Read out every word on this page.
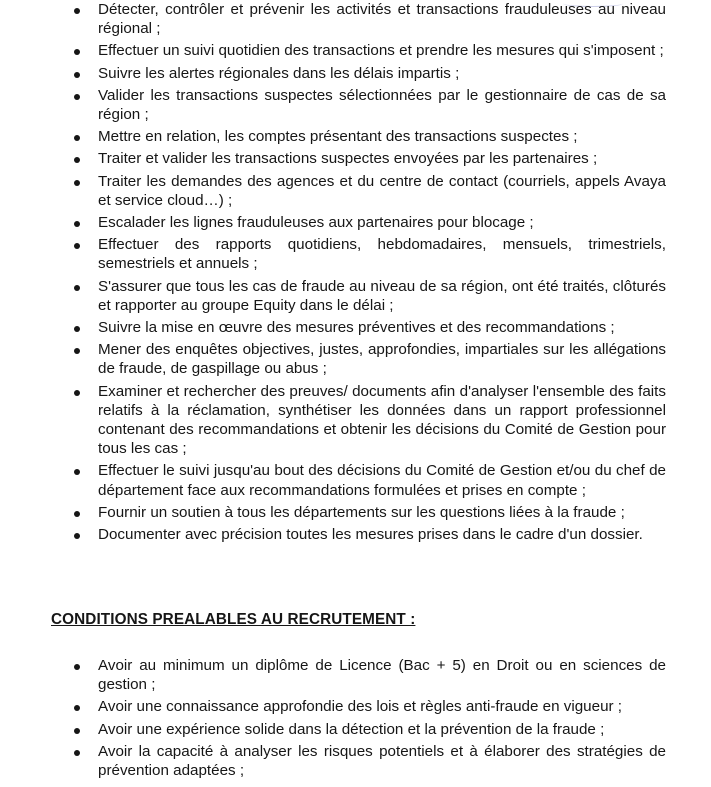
Détecter, contrôler et prévenir les activités et transactions frauduleuses au niveau régional ;
Effectuer un suivi quotidien des transactions et prendre les mesures qui s'imposent ;
Suivre les alertes régionales dans les délais impartis ;
Valider les transactions suspectes sélectionnées par le gestionnaire de cas de sa région ;
Mettre en relation, les comptes présentant des transactions suspectes ;
Traiter et valider les transactions suspectes envoyées par les partenaires ;
Traiter les demandes des agences et du centre de contact (courriels, appels Avaya et service cloud…) ;
Escalader les lignes frauduleuses aux partenaires pour blocage ;
Effectuer des rapports quotidiens, hebdomadaires, mensuels, trimestriels, semestriels et annuels ;
S'assurer que tous les cas de fraude au niveau de sa région, ont été traités, clôturés et rapporter au groupe Equity dans le délai ;
Suivre la mise en œuvre des mesures préventives et des recommandations ;
Mener des enquêtes objectives, justes, approfondies, impartiales sur les allégations de fraude, de gaspillage ou abus ;
Examiner et rechercher des preuves/ documents afin d'analyser l'ensemble des faits relatifs à la réclamation, synthétiser les données dans un rapport professionnel contenant des recommandations et obtenir les décisions du Comité de Gestion pour tous les cas ;
Effectuer le suivi jusqu'au bout des décisions du Comité de Gestion et/ou du chef de département face aux recommandations formulées et prises en compte ;
Fournir un soutien à tous les départements sur les questions liées à la fraude ;
Documenter avec précision toutes les mesures prises dans le cadre d'un dossier.
CONDITIONS PREALABLES AU RECRUTEMENT :
Avoir au minimum un diplôme de Licence (Bac + 5) en Droit ou en sciences de gestion ;
Avoir une connaissance approfondie des lois et règles anti-fraude en vigueur ;
Avoir une expérience solide dans la détection et la prévention de la fraude ;
Avoir la capacité à analyser les risques potentiels et à élaborer des stratégies de prévention adaptées ;
